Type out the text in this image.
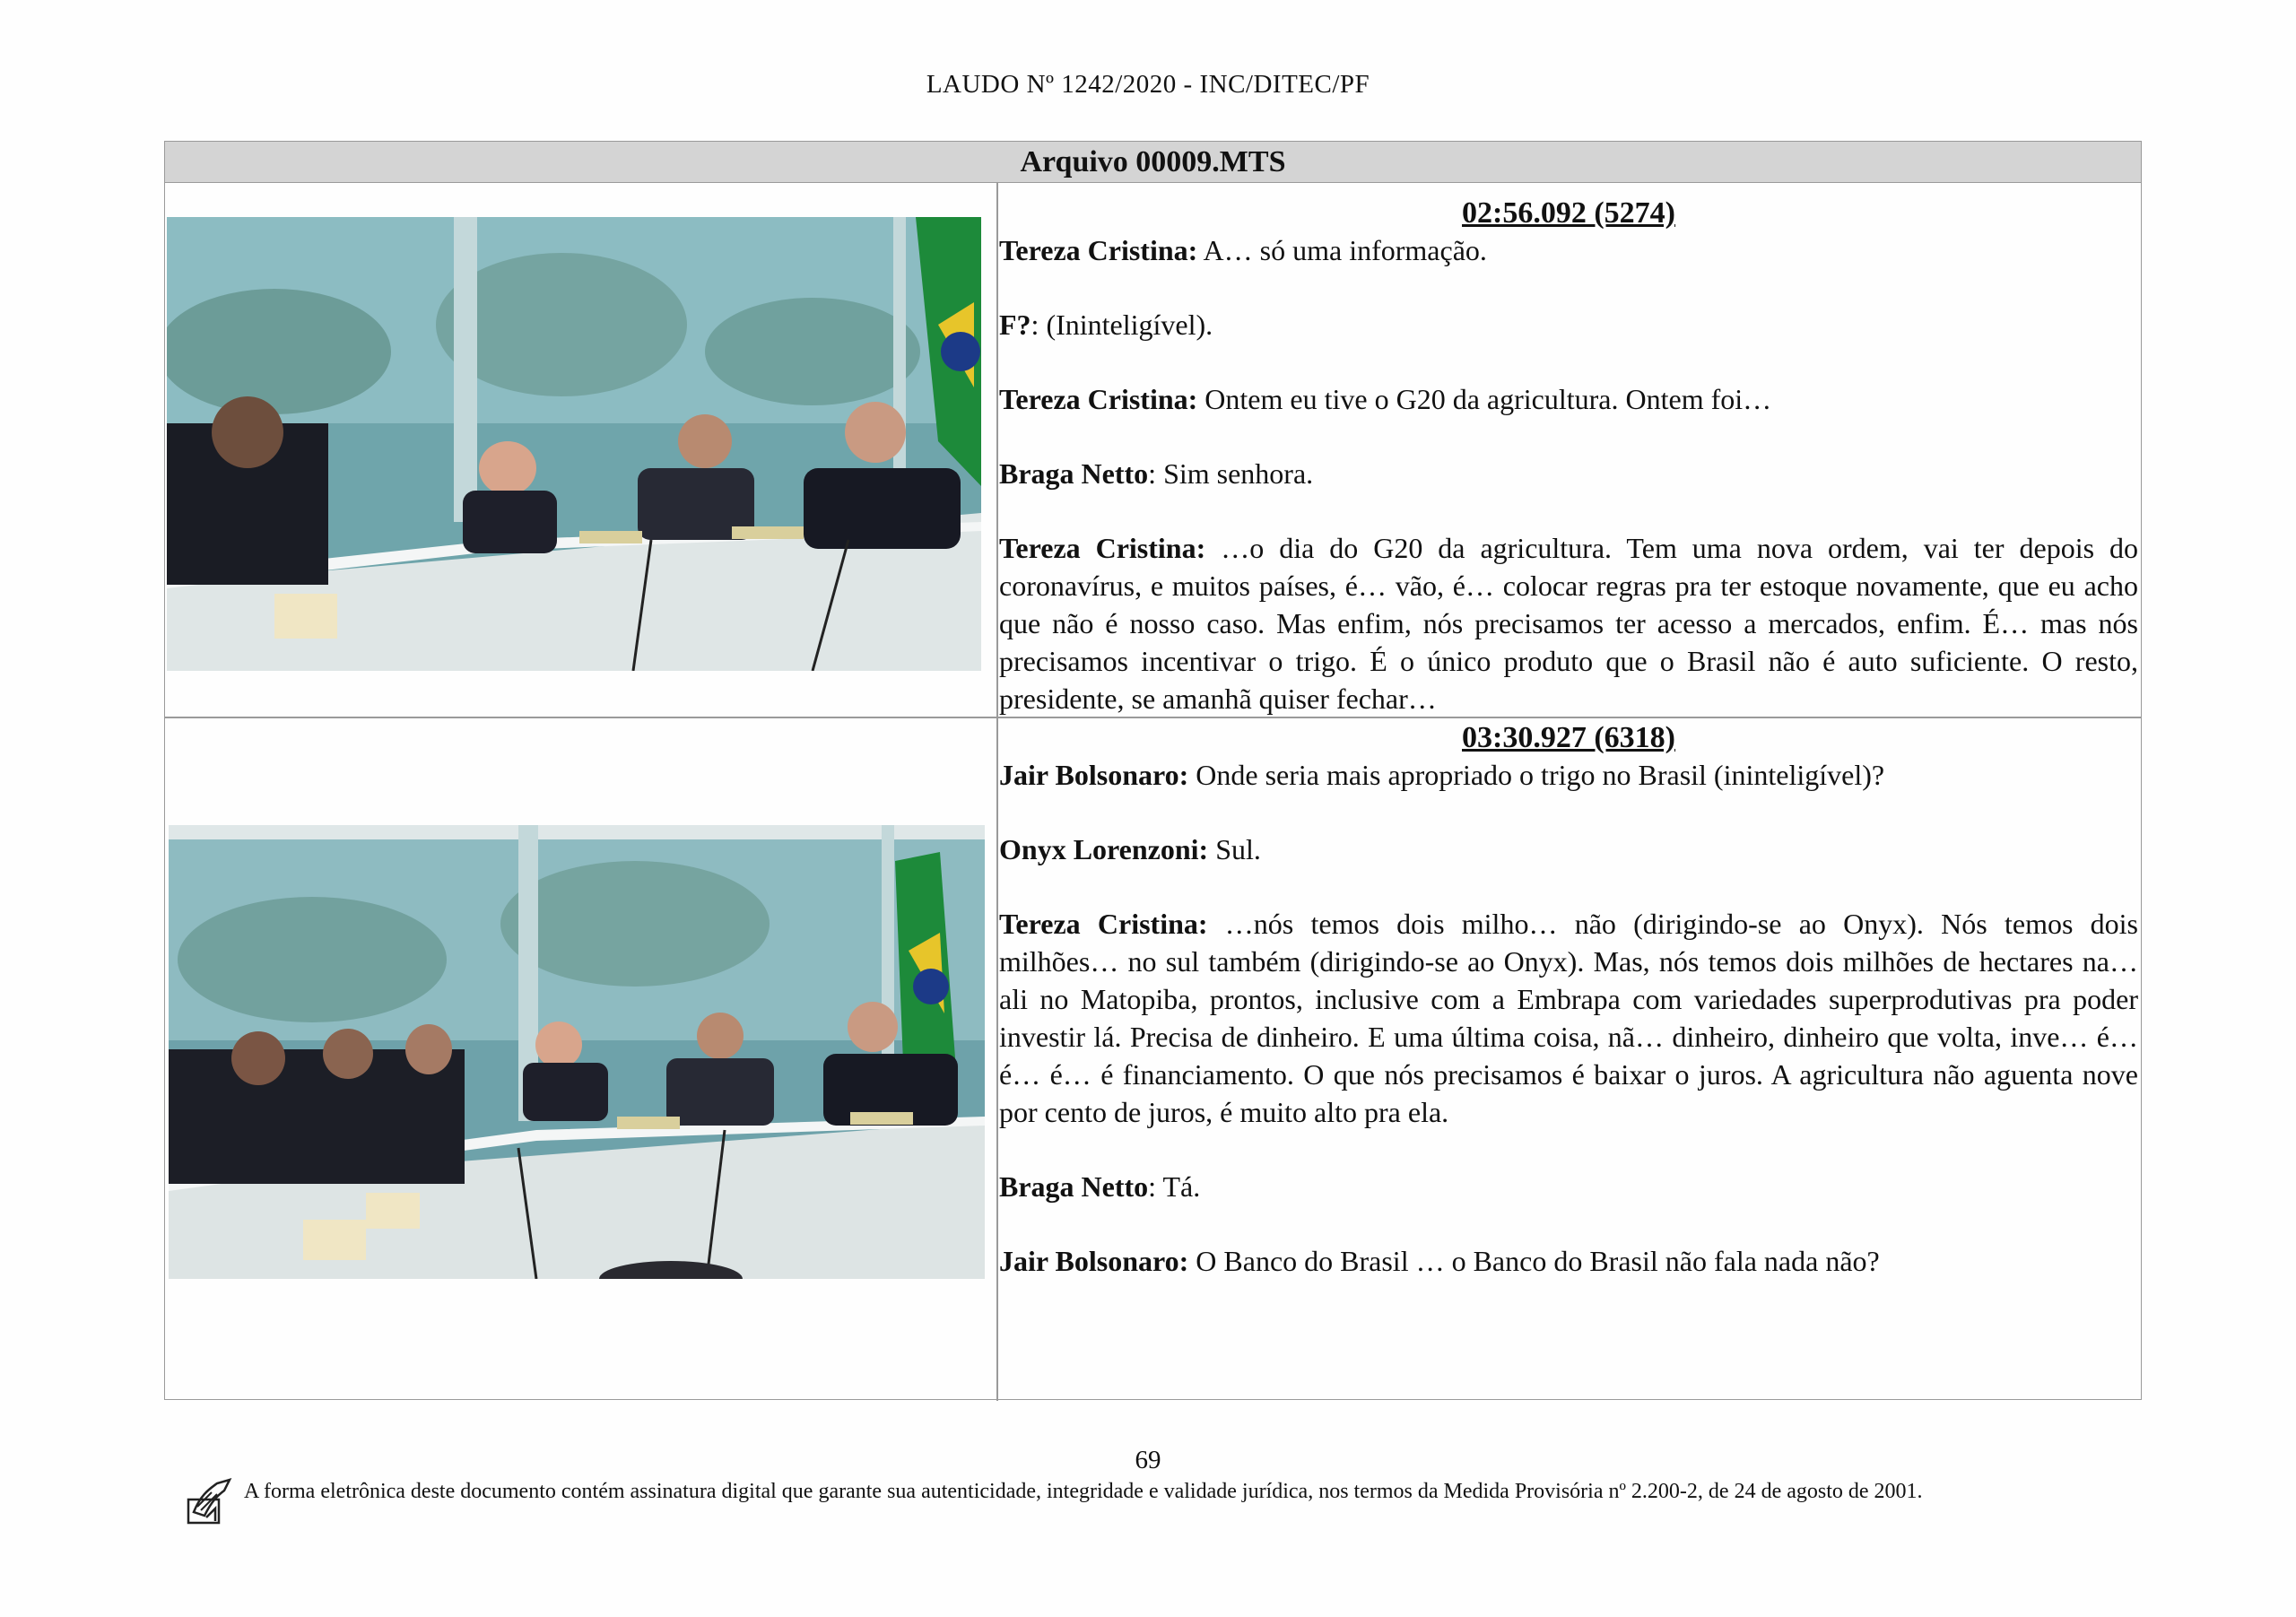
LAUDO Nº 1242/2020 - INC/DITEC/PF
Arquivo 00009.MTS
02:56.092 (5274)

Tereza Cristina: A… só uma informação.

F?: (Ininteligível).

Tereza Cristina: Ontem eu tive o G20 da agricultura. Ontem foi…

Braga Netto: Sim senhora.

Tereza Cristina: …o dia do G20 da agricultura. Tem uma nova ordem, vai ter depois do coronavírus, e muitos países, é… vão, é… colocar regras pra ter estoque novamente, que eu acho que não é nosso caso. Mas enfim, nós precisamos ter acesso a mercados, enfim. É… mas nós precisamos incentivar o trigo. É o único produto que o Brasil não é auto suficiente. O resto, presidente, se amanhã quiser fechar…

03:30.927 (6318)

Jair Bolsonaro: Onde seria mais apropriado o trigo no Brasil (ininteligível)?

Onyx Lorenzoni: Sul.

Tereza Cristina: …nós temos dois milho… não (dirigindo-se ao Onyx). Nós temos dois milhões… no sul também (dirigindo-se ao Onyx). Mas, nós temos dois milhões de hectares na… ali no Matopiba, prontos, inclusive com a Embrapa com variedades superprodutivas pra poder investir lá. Precisa de dinheiro. E uma última coisa, nã… dinheiro, dinheiro que volta, inve… é… é… é… é financiamento. O que nós precisamos é baixar o juros. A agricultura não aguenta nove por cento de juros, é muito alto pra ela.

Braga Netto: Tá.

Jair Bolsonaro: O Banco do Brasil … o Banco do Brasil não fala nada não?

69
A forma eletrônica deste documento contém assinatura digital que garante sua autenticidade, integridade e validade jurídica, nos termos da Medida Provisória nº 2.200-2, de 24 de agosto de 2001.
